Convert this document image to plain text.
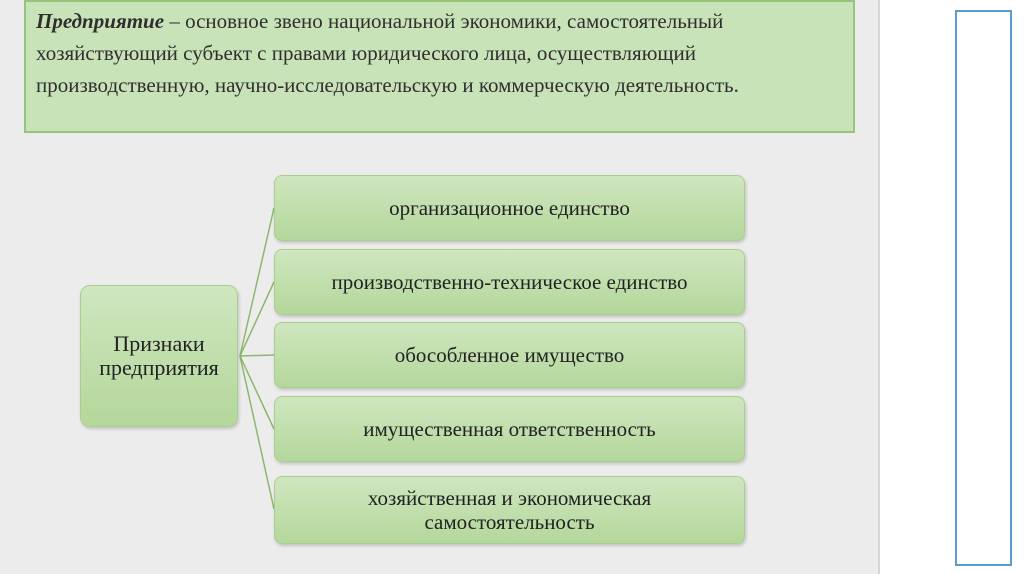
Предприятие – основное звено национальной экономики, самостоятельный хозяйствующий субъект с правами юридического лица, осуществляющий производственную, научно-исследовательскую и коммерческую деятельность.
Признаки
предприятия
организационное единство
производственно-техническое единство
обособленное имущество
имущественная ответственность
хозяйственная и экономическая самостоятельность
